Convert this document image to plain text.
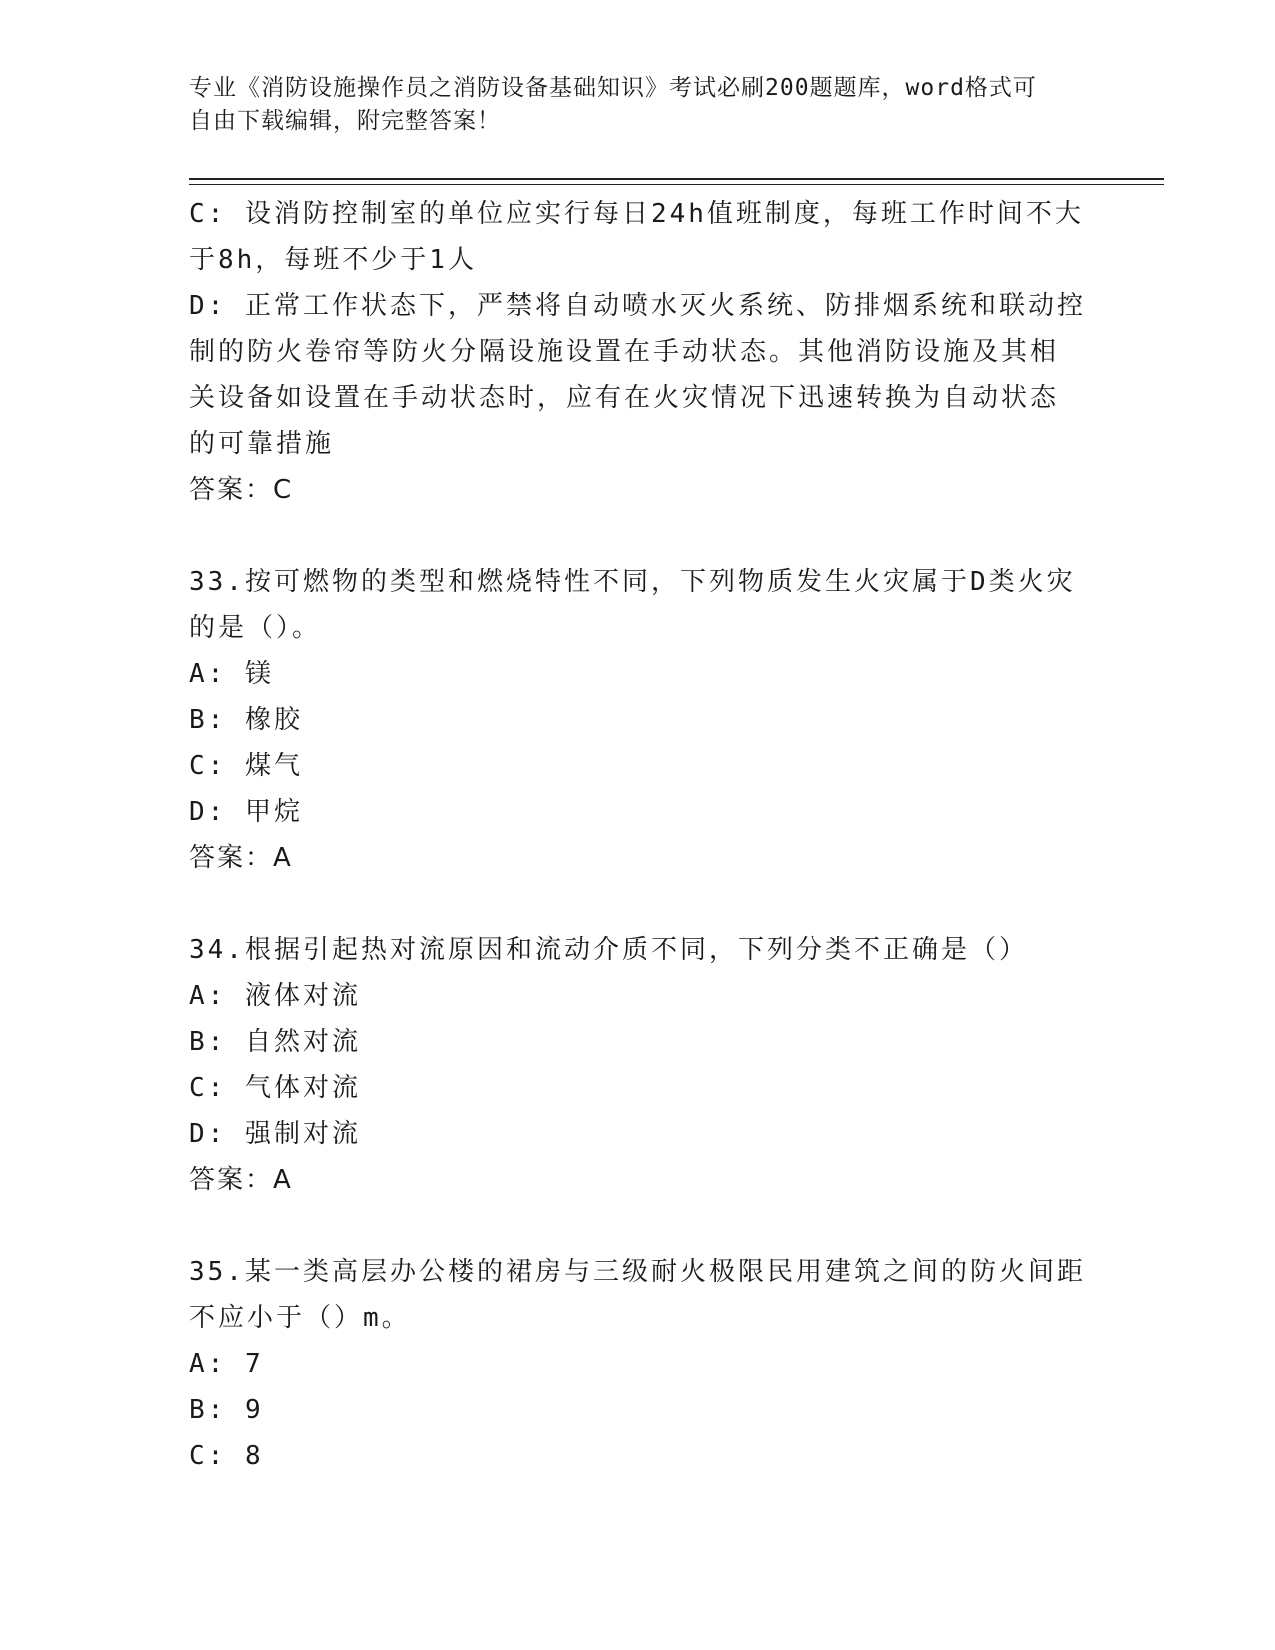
专业《消防设施操作员之消防设备基础知识》考试必刷200题题库，word格式可
自由下载编辑，附完整答案！
C: 设消防控制室的单位应实行每日24h值班制度，每班工作时间不大
于8h，每班不少于1人
D: 正常工作状态下，严禁将自动喷水灭火系统、防排烟系统和联动控
制的防火卷帘等防火分隔设施设置在手动状态。其他消防设施及其相
关设备如设置在手动状态时，应有在火灾情况下迅速转换为自动状态
的可靠措施
答案：C
33.按可燃物的类型和燃烧特性不同，下列物质发生火灾属于D类火灾
的是（）。
A: 镁
B: 橡胶
C: 煤气
D: 甲烷
答案：A
34.根据引起热对流原因和流动介质不同，下列分类不正确是（）
A: 液体对流
B: 自然对流
C: 气体对流
D: 强制对流
答案：A
35.某一类高层办公楼的裙房与三级耐火极限民用建筑之间的防火间距
不应小于（）m。
A: 7
B: 9
C: 8
